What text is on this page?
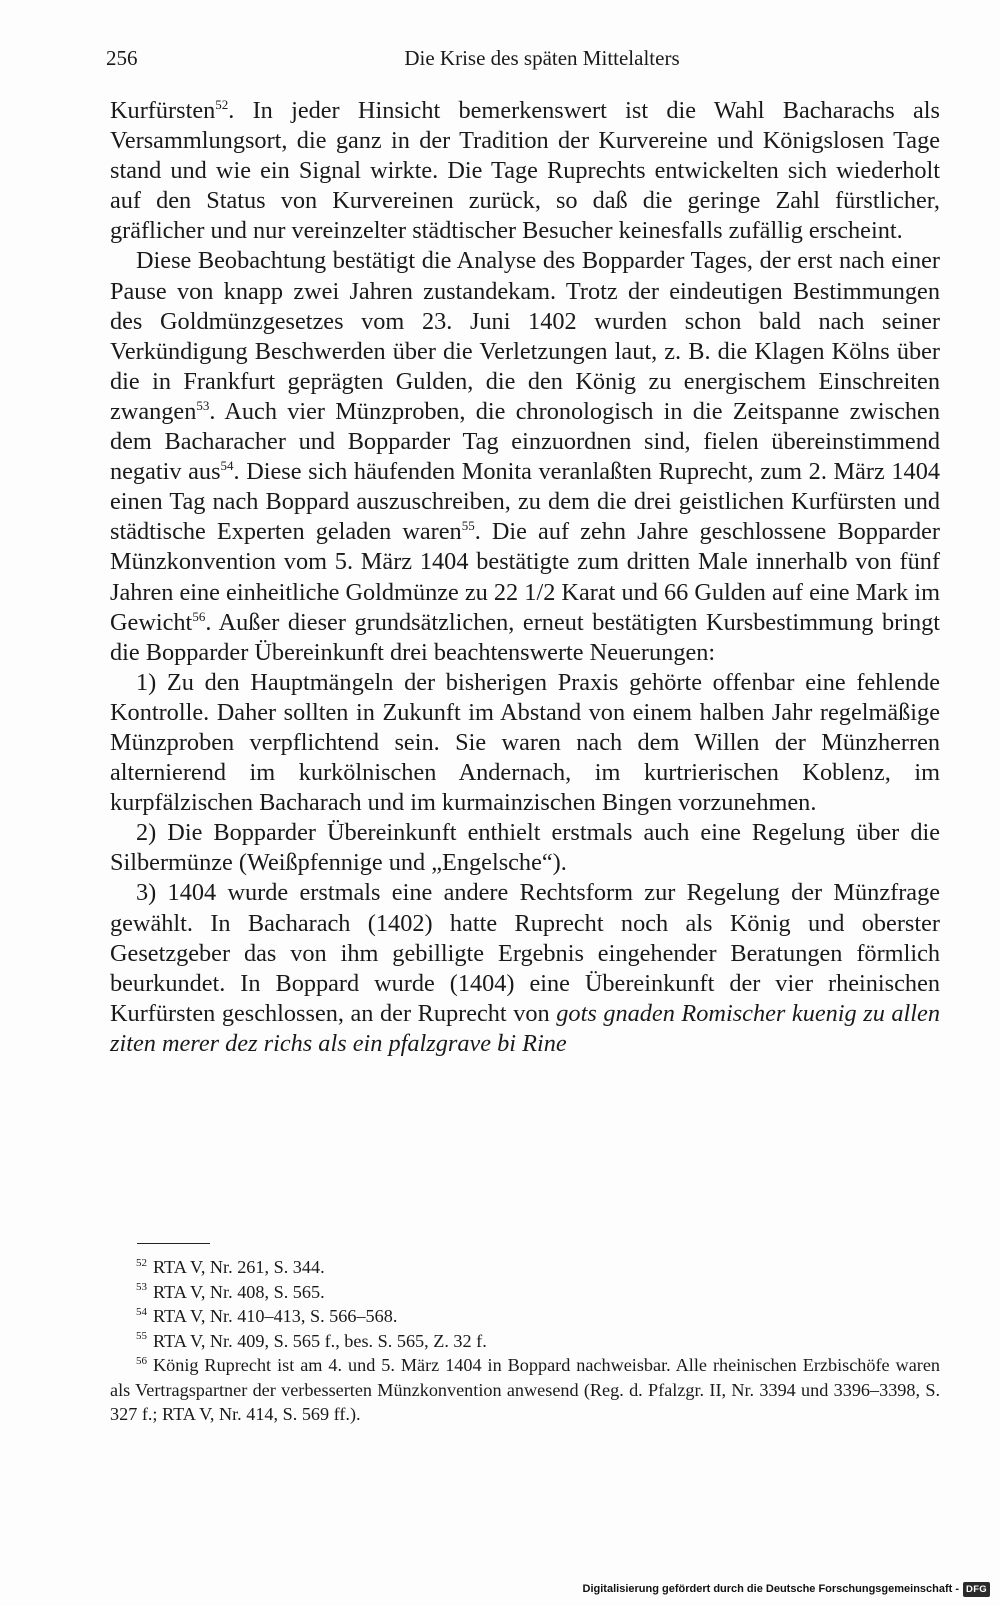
256	Die Krise des späten Mittelalters

Kurfürsten$^{52}$. In jeder Hinsicht bemerkenswert ist die Wahl Bacharachs als Versammlungsort, die ganz in der Tradition der Kurvereine und Königslosen Tage stand und wie ein Signal wirkte. Die Tage Ruprechts entwickelten sich wiederholt auf den Status von Kurvereinen zurück, so daß die geringe Zahl fürstlicher, gräflicher und nur vereinzelter städtischer Besucher keinesfalls zufällig erscheint.

Diese Beobachtung bestätigt die Analyse des Bopparder Tages, der erst nach einer Pause von knapp zwei Jahren zustandekam. Trotz der eindeutigen Bestimmungen des Goldmünzgesetzes vom 23. Juni 1402 wurden schon bald nach seiner Verkündigung Beschwerden über die Verletzungen laut, z. B. die Klagen Kölns über die in Frankfurt geprägten Gulden, die den König zu energischem Einschreiten zwangen$^{53}$. Auch vier Münzproben, die chronologisch in die Zeitspanne zwischen dem Bacharacher und Bopparder Tag einzuordnen sind, fielen übereinstimmend negativ aus$^{54}$. Diese sich häufenden Monita veranlaßten Ruprecht, zum 2. März 1404 einen Tag nach Boppard auszuschreiben, zu dem die drei geistlichen Kurfürsten und städtische Experten geladen waren$^{55}$. Die auf zehn Jahre geschlossene Bopparder Münzkonvention vom 5. März 1404 bestätigte zum dritten Male innerhalb von fünf Jahren eine einheitliche Goldmünze zu 22 1/2 Karat und 66 Gulden auf eine Mark im Gewicht$^{56}$. Außer dieser grundsätzlichen, erneut bestätigten Kursbestimmung bringt die Bopparder Übereinkunft drei beachtenswerte Neuerungen:

1) Zu den Hauptmängeln der bisherigen Praxis gehörte offenbar eine fehlende Kontrolle. Daher sollten in Zukunft im Abstand von einem halben Jahr regelmäßige Münzproben verpflichtend sein. Sie waren nach dem Willen der Münzherren alternierend im kurkölnischen Andernach, im kurtrierischen Koblenz, im kurpfälzischen Bacharach und im kurmainzischen Bingen vorzunehmen.

2) Die Bopparder Übereinkunft enthielt erstmals auch eine Regelung über die Silbermünze (Weißpfennige und „Engelsche“).

3) 1404 wurde erstmals eine andere Rechtsform zur Regelung der Münzfrage gewählt. In Bacharach (1402) hatte Ruprecht noch als König und oberster Gesetzgeber das von ihm gebilligte Ergebnis eingehender Beratungen förmlich beurkundet. In Boppard wurde (1404) eine Übereinkunft der vier rheinischen Kurfürsten geschlossen, an der Ruprecht von gots gnaden Romischer kuenig zu allen ziten merer dez richs als ein pfalzgrave bi Rine

$^{52}$ RTA V, Nr. 261, S. 344.
$^{53}$ RTA V, Nr. 408, S. 565.
$^{54}$ RTA V, Nr. 410–413, S. 566–568.
$^{55}$ RTA V, Nr. 409, S. 565 f., bes. S. 565, Z. 32 f.
$^{56}$ König Ruprecht ist am 4. und 5. März 1404 in Boppard nachweisbar. Alle rheinischen Erzbischöfe waren als Vertragspartner der verbesserten Münzkonvention anwesend (Reg. d. Pfalzgr. II, Nr. 3394 und 3396–3398, S. 327 f.; RTA V, Nr. 414, S. 569 ff.).
Digitalisierung gefördert durch die Deutsche Forschungsgemeinschaft - DFG
